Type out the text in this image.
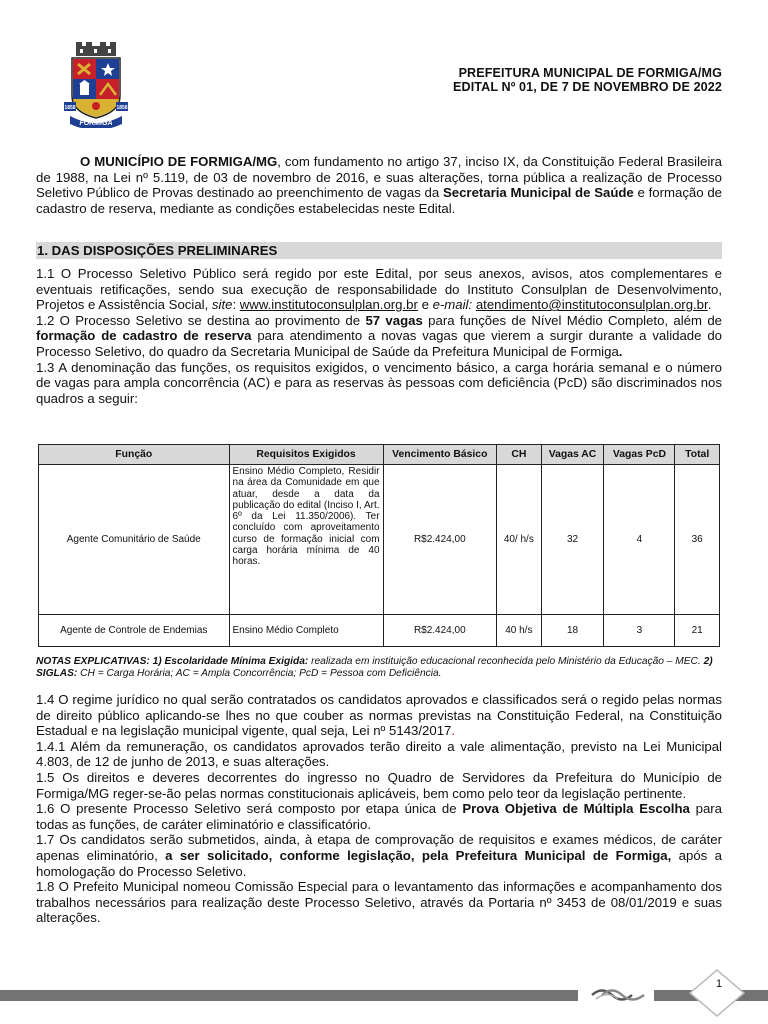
1858	1858
FORMIGA
PREFEITURA MUNICIPAL DE FORMIGA/MG
EDITAL Nº 01, DE 7 DE NOVEMBRO DE 2022

O MUNICÍPIO DE FORMIGA/MG, com fundamento no artigo 37, inciso IX, da Constituição Federal Brasileira de 1988, na Lei nº 5.119, de 03 de novembro de 2016, e suas alterações, torna pública a realização de Processo Seletivo Público de Provas destinado ao preenchimento de vagas da Secretaria Municipal de Saúde e formação de cadastro de reserva, mediante as condições estabelecidas neste Edital.

1. DAS DISPOSIÇÕES PRELIMINARES

1.1 O Processo Seletivo Público será regido por este Edital, por seus anexos, avisos, atos complementares e eventuais retificações, sendo sua execução de responsabilidade do Instituto Consulplan de Desenvolvimento, Projetos e Assistência Social, site: www.institutoconsulplan.org.br e e-mail: atendimento@institutoconsulplan.org.br.

1.2 O Processo Seletivo se destina ao provimento de 57 vagas para funções de Nível Médio Completo, além de formação de cadastro de reserva para atendimento a novas vagas que vierem a surgir durante a validade do Processo Seletivo, do quadro da Secretaria Municipal de Saúde da Prefeitura Municipal de Formiga.

1.3 A denominação das funções, os requisitos exigidos, o vencimento básico, a carga horária semanal e o número de vagas para ampla concorrência (AC) e para as reservas às pessoas com deficiência (PcD) são discriminados nos quadros a seguir:

Função	Requisitos Exigidos	Vencimento Básico	CH	Vagas AC	Vagas PcD	Total
Agente Comunitário de Saúde	Ensino Médio Completo, Residir na área da Comunidade em que atuar, desde a data da publicação do edital (Inciso I, Art. 6º da Lei 11.350/2006). Ter concluído com aproveitamento curso de formação inicial com carga horária mínima de 40 horas.	R$2.424,00	40/ h/s	32	4	36
Agente de Controle de Endemias	Ensino Médio Completo	R$2.424,00	40 h/s	18	3	21
NOTAS EXPLICATIVAS: 1) Escolaridade Mínima Exigida: realizada em instituição educacional reconhecida pelo Ministério da Educação – MEC. 2) SIGLAS: CH = Carga Horária; AC = Ampla Concorrência; PcD = Pessoa com Deficiência.

1.4 O regime jurídico no qual serão contratados os candidatos aprovados e classificados será o regido pelas normas de direito público aplicando-se lhes no que couber as normas previstas na Constituição Federal, na Constituição Estadual e na legislação municipal vigente, qual seja, Lei nº 5143/2017.

1.4.1 Além da remuneração, os candidatos aprovados terão direito a vale alimentação, previsto na Lei Municipal 4.803, de 12 de junho de 2013, e suas alterações.

1.5 Os direitos e deveres decorrentes do ingresso no Quadro de Servidores da Prefeitura do Município de Formiga/MG reger-se-ão pelas normas constitucionais aplicáveis, bem como pelo teor da legislação pertinente.

1.6 O presente Processo Seletivo será composto por etapa única de Prova Objetiva de Múltipla Escolha para todas as funções, de caráter eliminatório e classificatório.

1.7 Os candidatos serão submetidos, ainda, à etapa de comprovação de requisitos e exames médicos, de caráter apenas eliminatório, a ser solicitado, conforme legislação, pela Prefeitura Municipal de Formiga, após a homologação do Processo Seletivo.

1.8 O Prefeito Municipal nomeou Comissão Especial para o levantamento das informações e acompanhamento dos trabalhos necessários para realização deste Processo Seletivo, através da Portaria nº 3453 de 08/01/2019 e suas alterações.

1
